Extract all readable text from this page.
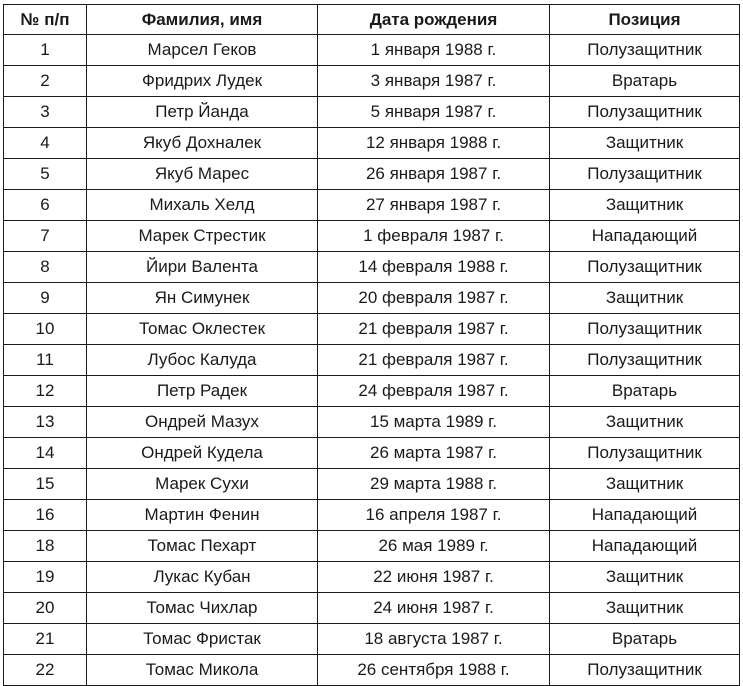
№ п/п	Фамилия, имя	Дата рождения	Позиция
1	Марсел Геков	1 января 1988 г.	Полузащитник
2	Фридрих Лудек	3 января 1987 г.	Вратарь
3	Петр Йанда	5 января 1987 г.	Полузащитник
4	Якуб Дохналек	12 января 1988 г.	Защитник
5	Якуб Марес	26 января 1987 г.	Полузащитник
6	Михаль Хелд	27 января 1987 г.	Защитник
7	Марек Стрестик	1 февраля 1987 г.	Нападающий
8	Йири Валента	14 февраля 1988 г.	Полузащитник
9	Ян Симунек	20 февраля 1987 г.	Защитник
10	Томас Оклестек	21 февраля 1987 г.	Полузащитник
11	Лубос Калуда	21 февраля 1987 г.	Полузащитник
12	Петр Радек	24 февраля 1987 г.	Вратарь
13	Ондрей Мазух	15 марта 1989 г.	Защитник
14	Ондрей Кудела	26 марта 1987 г.	Полузащитник
15	Марек Сухи	29 марта 1988 г.	Защитник
16	Мартин Фенин	16 апреля 1987 г.	Нападающий
18	Томас Пехарт	26 мая 1989 г.	Нападающий
19	Лукас Кубан	22 июня 1987 г.	Защитник
20	Томас Чихлар	24 июня 1987 г.	Защитник
21	Томас Фристак	18 августа 1987 г.	Вратарь
22	Томас Микола	26 сентября 1988 г.	Полузащитник
